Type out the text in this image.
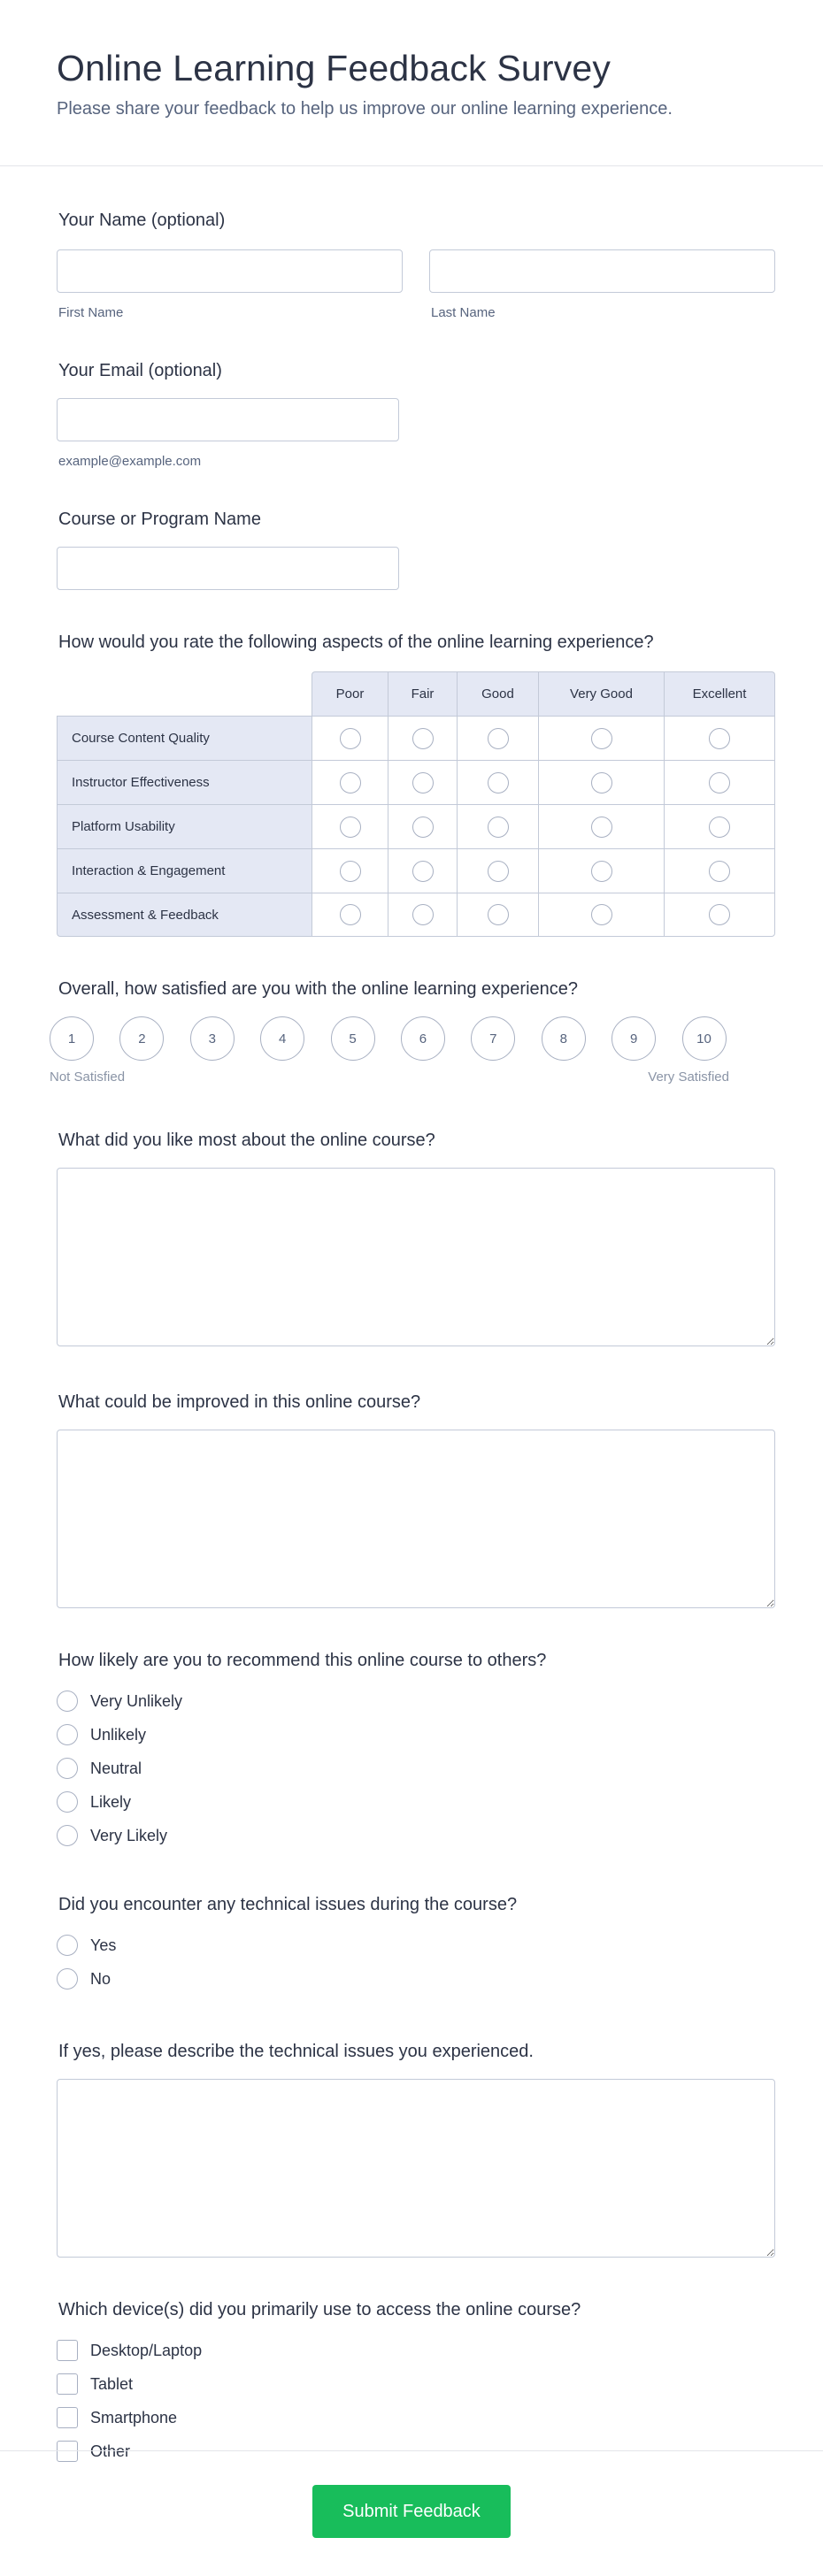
Online Learning Feedback Survey

Please share your feedback to help us improve our online learning experience.

Your Name (optional)
First Name	Last Name
Your Email (optional)
example@example.com
Course or Program Name
How would you rate the following aspects of the online learning experience?
	Poor	Fair	Good	Very Good	Excellent
Course Content Quality					
Instructor Effectiveness					
Platform Usability					
Interaction & Engagement					
Assessment & Feedback					
Overall, how satisfied are you with the online learning experience?
1	2	3	4	5	6	7	8	9	10
Not Satisfied	Very Satisfied
What did you like most about the online course?
What could be improved in this online course?
How likely are you to recommend this online course to others?
Very Unlikely
Unlikely
Neutral
Likely
Very Likely
Did you encounter any technical issues during the course?
Yes
No
If yes, please describe the technical issues you experienced.
Which device(s) did you primarily use to access the online course?
Desktop/Laptop
Tablet
Smartphone
Other
Submit Feedback
